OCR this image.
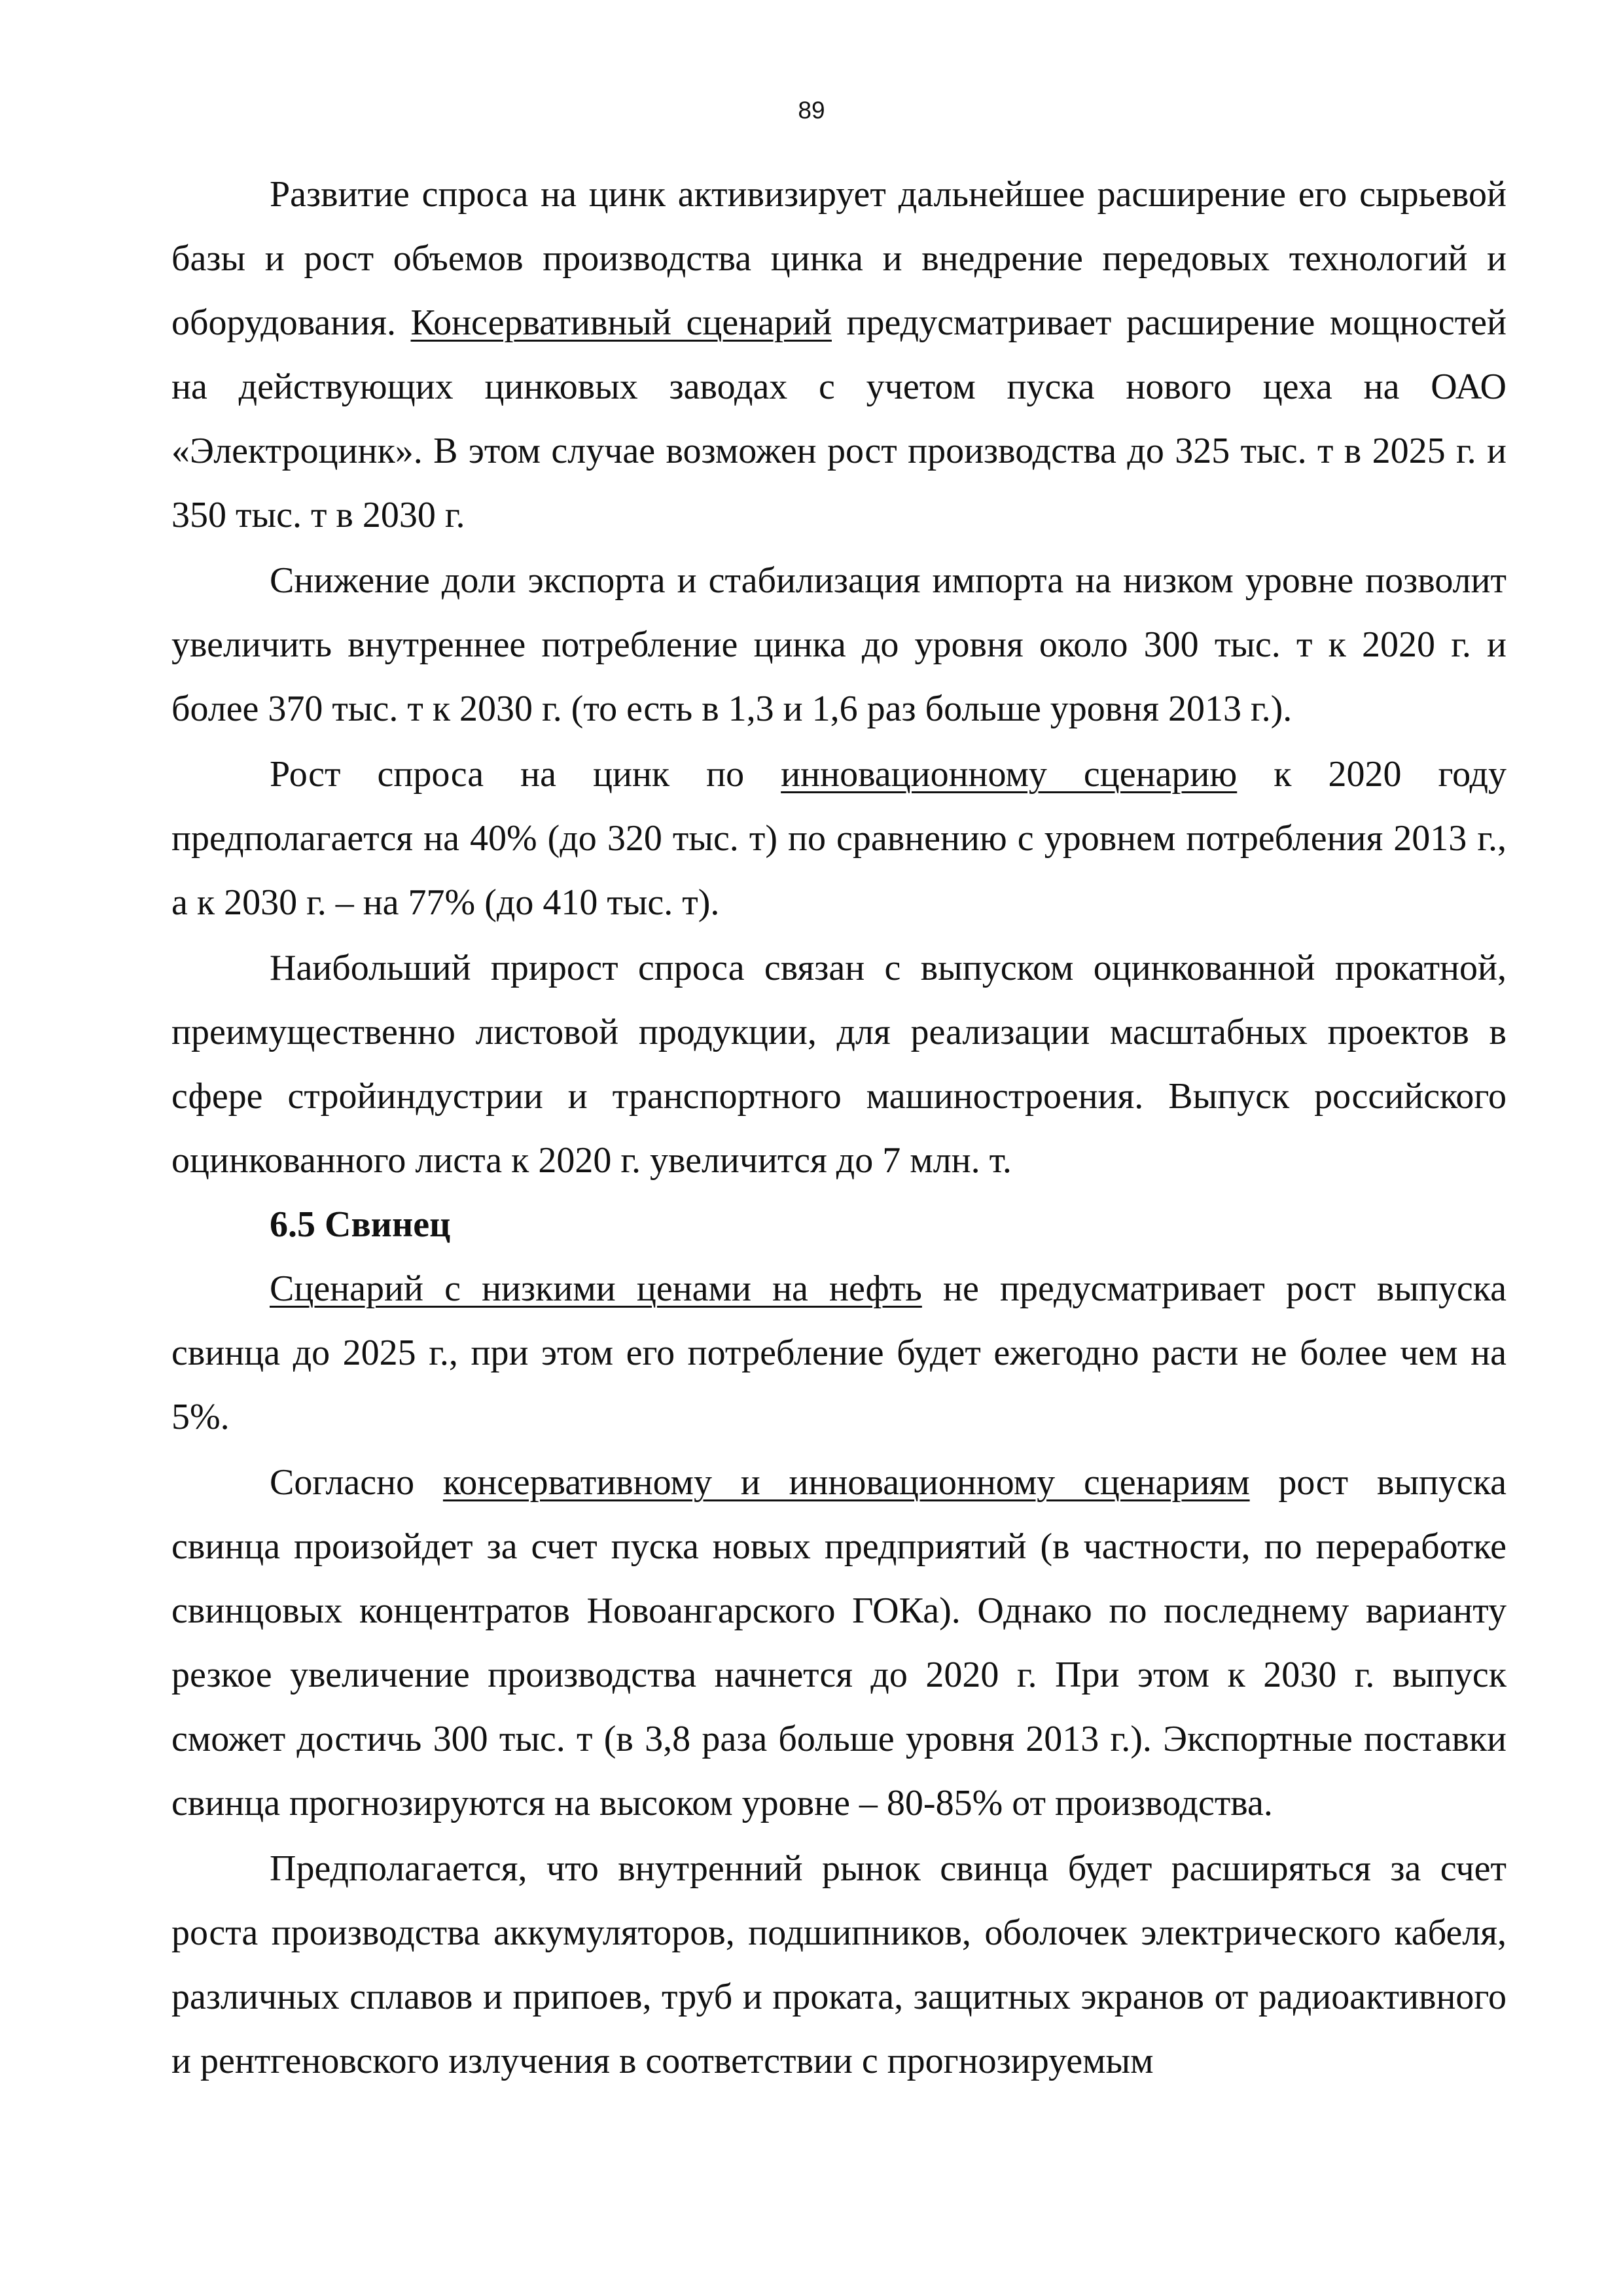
89

Развитие спроса на цинк активизирует дальнейшее расширение его сырьевой базы и рост объемов производства цинка и внедрение передовых технологий и оборудования. Консервативный сценарий предусматривает расширение мощностей на действующих цинковых заводах с учетом пуска нового цеха на ОАО «Электроцинк». В этом случае возможен рост производства до 325 тыс. т в 2025 г. и 350 тыс. т в 2030 г.

Снижение доли экспорта и стабилизация импорта на низком уровне позволит увеличить внутреннее потребление цинка до уровня около 300 тыс. т к 2020 г. и более 370 тыс. т к 2030 г. (то есть в 1,3 и 1,6 раз больше уровня 2013 г.).

Рост спроса на цинк по инновационному сценарию к 2020 году предполагается на 40% (до 320 тыс. т) по сравнению с уровнем потребления 2013 г., а к 2030 г. – на 77% (до 410 тыс. т).

Наибольший прирост спроса связан с выпуском оцинкованной прокатной, преимущественно листовой продукции, для реализации масштабных проектов в сфере стройиндустрии и транспортного машиностроения. Выпуск российского оцинкованного листа к 2020 г. увеличится до 7 млн. т.

6.5 Свинец

Сценарий с низкими ценами на нефть не предусматривает рост выпуска свинца до 2025 г., при этом его потребление будет ежегодно расти не более чем на 5%.

Согласно консервативному и инновационному сценариям рост выпуска свинца произойдет за счет пуска новых предприятий (в частности, по переработке свинцовых концентратов Новоангарского ГОКа). Однако по последнему варианту резкое увеличение производства начнется до 2020 г. При этом к 2030 г. выпуск сможет достичь 300 тыс. т (в 3,8 раза больше уровня 2013 г.). Экспортные поставки свинца прогнозируются на высоком уровне – 80-85% от производства.

Предполагается, что внутренний рынок свинца будет расширяться за счет роста производства аккумуляторов, подшипников, оболочек электрического кабеля, различных сплавов и припоев, труб и проката, защитных экранов от радиоактивного и рентгеновского излучения в соответствии с прогнозируемым
